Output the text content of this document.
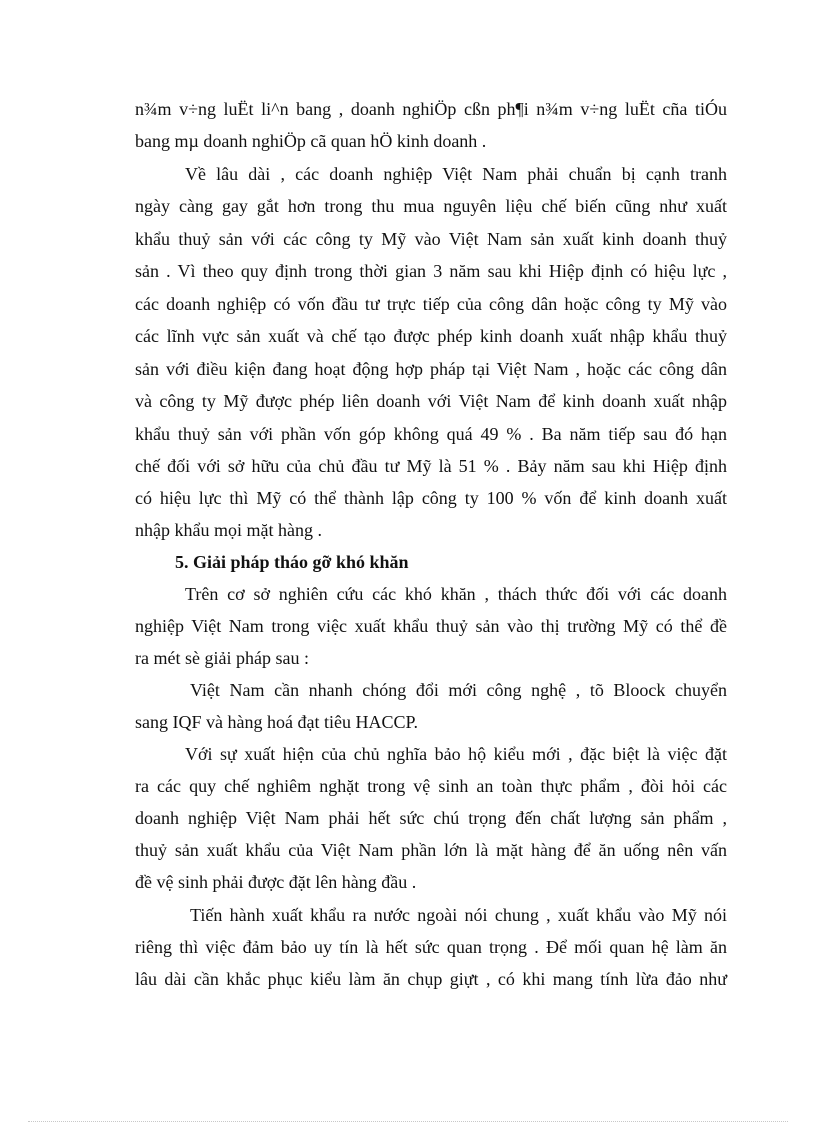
n¾m v÷ng luËt li^n bang , doanh nghiÖp cßn ph¶i n¾m v÷ng luËt cña tiÓu
bang mµ doanh nghiÖp cã quan hÖ kinh doanh .
Về lâu dài , các doanh nghiệp Việt Nam phải chuẩn bị cạnh tranh
ngày càng gay gắt hơn trong thu mua nguyên liệu chế biến cũng như xuất
khẩu thuỷ sản với các công ty Mỹ vào Việt Nam sản xuất kinh doanh thuỷ
sản . Vì theo quy định trong thời gian 3 năm sau khi Hiệp định có hiệu lực ,
các doanh nghiệp có vốn đầu tư trực tiếp của công dân hoặc công ty Mỹ vào
các lĩnh vực sản xuất và chế tạo được phép kinh doanh xuất nhập khẩu thuỷ
sản với điều kiện đang hoạt động hợp pháp tại Việt Nam , hoặc các công dân
và công ty Mỹ được phép liên doanh với Việt Nam để kinh doanh xuất nhập
khẩu thuỷ sản với phần vốn góp không quá 49 % . Ba năm tiếp sau đó hạn
chế đối với sở hữu của chủ đầu tư Mỹ là 51 % . Bảy năm sau khi Hiệp định
có hiệu lực thì Mỹ có thể thành lập công ty 100 % vốn để kinh doanh xuất
nhập khẩu mọi mặt hàng .
5. Giải pháp tháo gỡ khó khăn
Trên cơ sở nghiên cứu các khó khăn , thách thức đối với các doanh
nghiệp Việt Nam trong việc xuất khẩu thuỷ sản vào thị trường Mỹ có thể đề
ra mét sè giải pháp sau :
Việt Nam cần nhanh chóng đổi mới công nghệ , tõ Bloock chuyển
sang IQF và hàng hoá đạt tiêu HACCP.
Với sự xuất hiện của chủ nghĩa bảo hộ kiểu mới , đặc biệt là việc đặt
ra các quy chế nghiêm nghặt trong vệ sinh an toàn thực phẩm , đòi hỏi các
doanh nghiệp Việt Nam phải hết sức chú trọng đến chất lượng sản phẩm ,
thuỷ sản xuất khẩu của Việt Nam phần lớn là mặt hàng để ăn uống nên vấn
đề vệ sinh phải được đặt lên hàng đầu .
Tiến hành xuất khẩu ra nước ngoài nói chung , xuất khẩu vào Mỹ nói
riêng thì việc đảm bảo uy tín là hết sức quan trọng . Để mối quan hệ làm ăn
lâu dài cần khắc phục kiểu làm ăn chụp giựt , có khi mang tính lừa đảo như
